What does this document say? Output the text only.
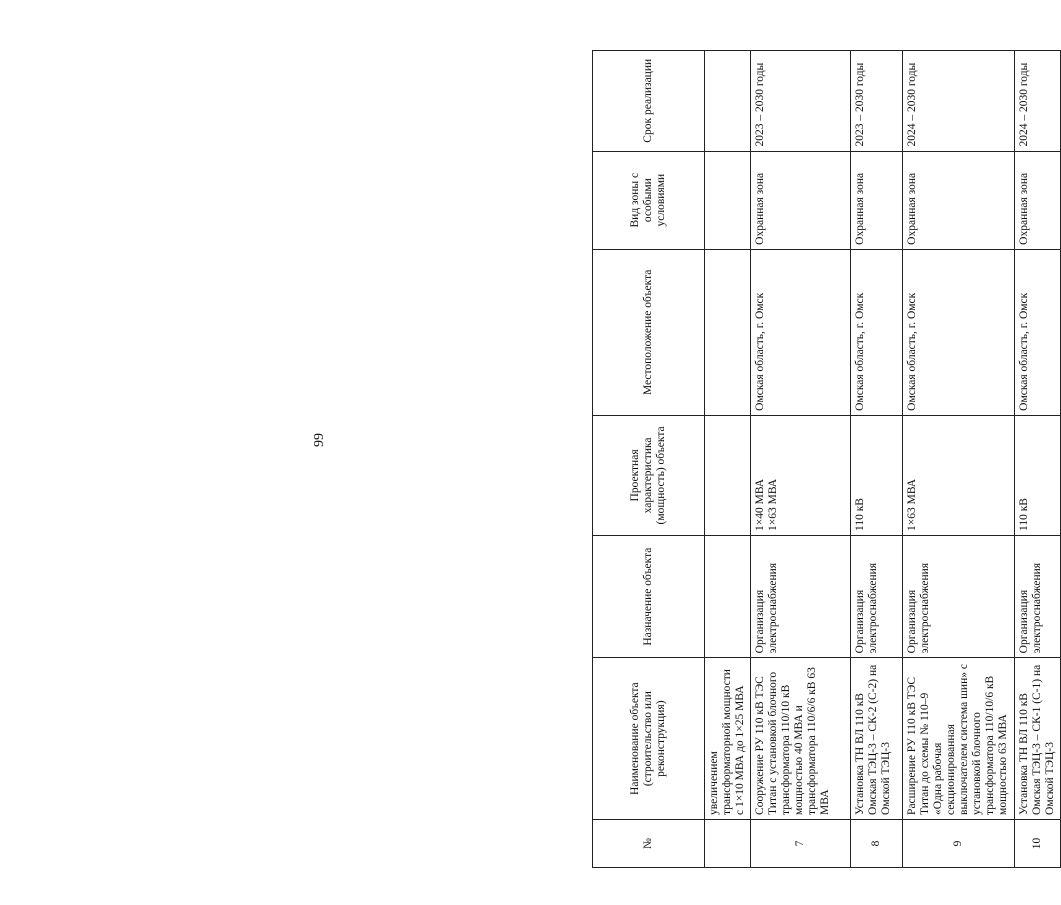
99
№	Наименование объекта (строительство или реконструкция)	Назначение объекта	Проектная характеристика (мощность) объекта	Местоположение объекта	Вид зоны с особыми условиями	Срок реализации
	увеличением трансформаторной мощности с 1×10 МВА до 1×25 МВА					
7	Сооружение РУ 110 кВ ТЭС Титан с установкой блочного трансформатора 110/10 кВ мощностью 40 МВА и трансформатора 110/6/6 кВ 63 МВА	Организация электроснабжения	1×40 МВА
1×63 МВА	Омская область, г. Омск	Охранная зона	2023 – 2030 годы
8	Установка ТН ВЛ 110 кВ Омская ТЭЦ-3 – СК-2 (С-2) на Омской ТЭЦ-3	Организация электроснабжения	110 кВ	Омская область, г. Омск	Охранная зона	2023 – 2030 годы
9	Расширение РУ 110 кВ ТЭС Титан до схемы № 110–9 «Одна рабочая секционированная выключателем система шин» с установкой блочного трансформатора 110/10/6 кВ мощностью 63 МВА	Организация электроснабжения	1×63 МВА	Омская область, г. Омск	Охранная зона	2024 – 2030 годы
10	Установка ТН ВЛ 110 кВ Омская ТЭЦ-3 – СК-1 (С-1) на Омской ТЭЦ-3	Организация электроснабжения	110 кВ	Омская область, г. Омск	Охранная зона	2024 – 2030 годы
